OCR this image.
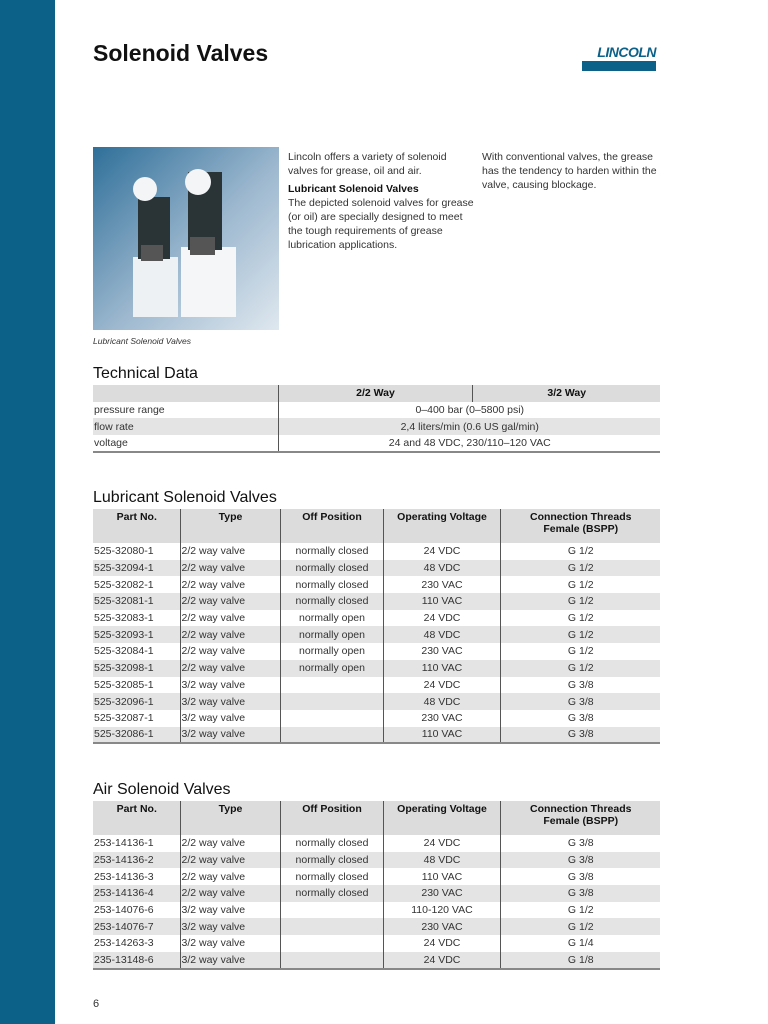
Solenoid Valves	LINCOLN
Lubricant Solenoid Valves
Lincoln offers a variety of solenoid valves for grease, oil and air.
Lubricant Solenoid Valves
The depicted solenoid valves for grease (or oil) are specially designed to meet the tough requirements of grease lubrication applications.
With conventional valves, the grease has the tendency to harden within the valve, causing blockage.
Technical Data
	2/2 Way	3/2 Way
pressure range	0–400 bar (0–5800 psi)	
flow rate	2,4 liters/min (0.6 US gal/min)	
voltage	24 and 48 VDC, 230/110–120 VAC	
Lubricant Solenoid Valves
Part No.	Type	Off Position	Operating Voltage	Connection Threads
Female (BSPP)
525-32080-1	2/2 way valve	normally closed	24 VDC	G 1/2
525-32094-1	2/2 way valve	normally closed	48 VDC	G 1/2
525-32082-1	2/2 way valve	normally closed	230 VAC	G 1/2
525-32081-1	2/2 way valve	normally closed	110 VAC	G 1/2
525-32083-1	2/2 way valve	normally open	24 VDC	G 1/2
525-32093-1	2/2 way valve	normally open	48 VDC	G 1/2
525-32084-1	2/2 way valve	normally open	230 VAC	G 1/2
525-32098-1	2/2 way valve	normally open	110 VAC	G 1/2
525-32085-1	3/2 way valve		24 VDC	G 3/8
525-32096-1	3/2 way valve		48 VDC	G 3/8
525-32087-1	3/2 way valve		230 VAC	G 3/8
525-32086-1	3/2 way valve		110 VAC	G 3/8
Air Solenoid Valves
Part No.	Type	Off Position	Operating Voltage	Connection Threads
Female (BSPP)
253-14136-1	2/2 way valve	normally closed	24 VDC	G 3/8
253-14136-2	2/2 way valve	normally closed	48 VDC	G 3/8
253-14136-3	2/2 way valve	normally closed	110 VAC	G 3/8
253-14136-4	2/2 way valve	normally closed	230 VAC	G 3/8
253-14076-6	3/2 way valve		110-120 VAC	G 1/2
253-14076-7	3/2 way valve		230 VAC	G 1/2
253-14263-3	3/2 way valve		24 VDC	G 1/4
235-13148-6	3/2 way valve		24 VDC	G 1/8
6
